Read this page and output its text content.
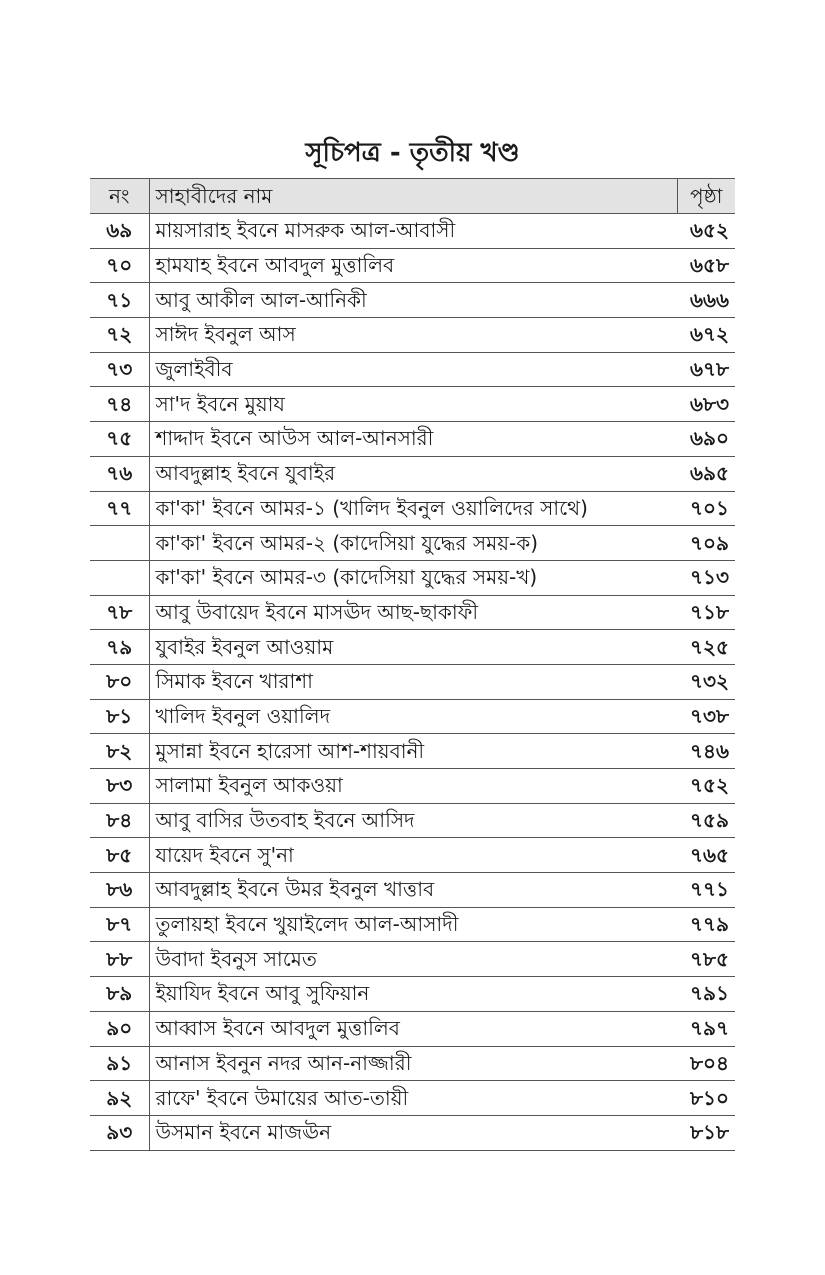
সূচিপত্র - তৃতীয় খণ্ড
নং	সাহাবীদের নাম	পৃষ্ঠা
৬৯	মায়সারাহ ইবনে মাসরুক আল-আবাসী	৬৫২
৭০	হামযাহ ইবনে আবদুল মুত্তালিব	৬৫৮
৭১	আবু আকীল আল-আনিকী	৬৬৬
৭২	সাঈদ ইবনুল আস	৬৭২
৭৩	জুলাইবীব	৬৭৮
৭৪	সা'দ ইবনে মুয়ায	৬৮৩
৭৫	শাদ্দাদ ইবনে আউস আল-আনসারী	৬৯০
৭৬	আবদুল্লাহ ইবনে যুবাইর	৬৯৫
৭৭	কা'কা' ইবনে আমর-১ (খালিদ ইবনুল ওয়ালিদের সাথে)	৭০১
	কা'কা' ইবনে আমর-২ (কাদেসিয়া যুদ্ধের সময়-ক)	৭০৯
	কা'কা' ইবনে আমর-৩ (কাদেসিয়া যুদ্ধের সময়-খ)	৭১৩
৭৮	আবু উবায়েদ ইবনে মাসঊদ আছ-ছাকাফী	৭১৮
৭৯	যুবাইর ইবনুল আওয়াম	৭২৫
৮০	সিমাক ইবনে খারাশা	৭৩২
৮১	খালিদ ইবনুল ওয়ালিদ	৭৩৮
৮২	মুসান্না ইবনে হারেসা আশ-শায়বানী	৭৪৬
৮৩	সালামা ইবনুল আকওয়া	৭৫২
৮৪	আবু বাসির উতবাহ ইবনে আসিদ	৭৫৯
৮৫	যায়েদ ইবনে সু'না	৭৬৫
৮৬	আবদুল্লাহ ইবনে উমর ইবনুল খাত্তাব	৭৭১
৮৭	তুলায়হা ইবনে খুয়াইলেদ আল-আসাদী	৭৭৯
৮৮	উবাদা ইবনুস সামেত	৭৮৫
৮৯	ইয়াযিদ ইবনে আবু সুফিয়ান	৭৯১
৯০	আব্বাস ইবনে আবদুল মুত্তালিব	৭৯৭
৯১	আনাস ইবনুন নদর আন-নাজ্জারী	৮০৪
৯২	রাফে' ইবনে উমায়ের আত-তায়ী	৮১০
৯৩	উসমান ইবনে মাজঊন	৮১৮
